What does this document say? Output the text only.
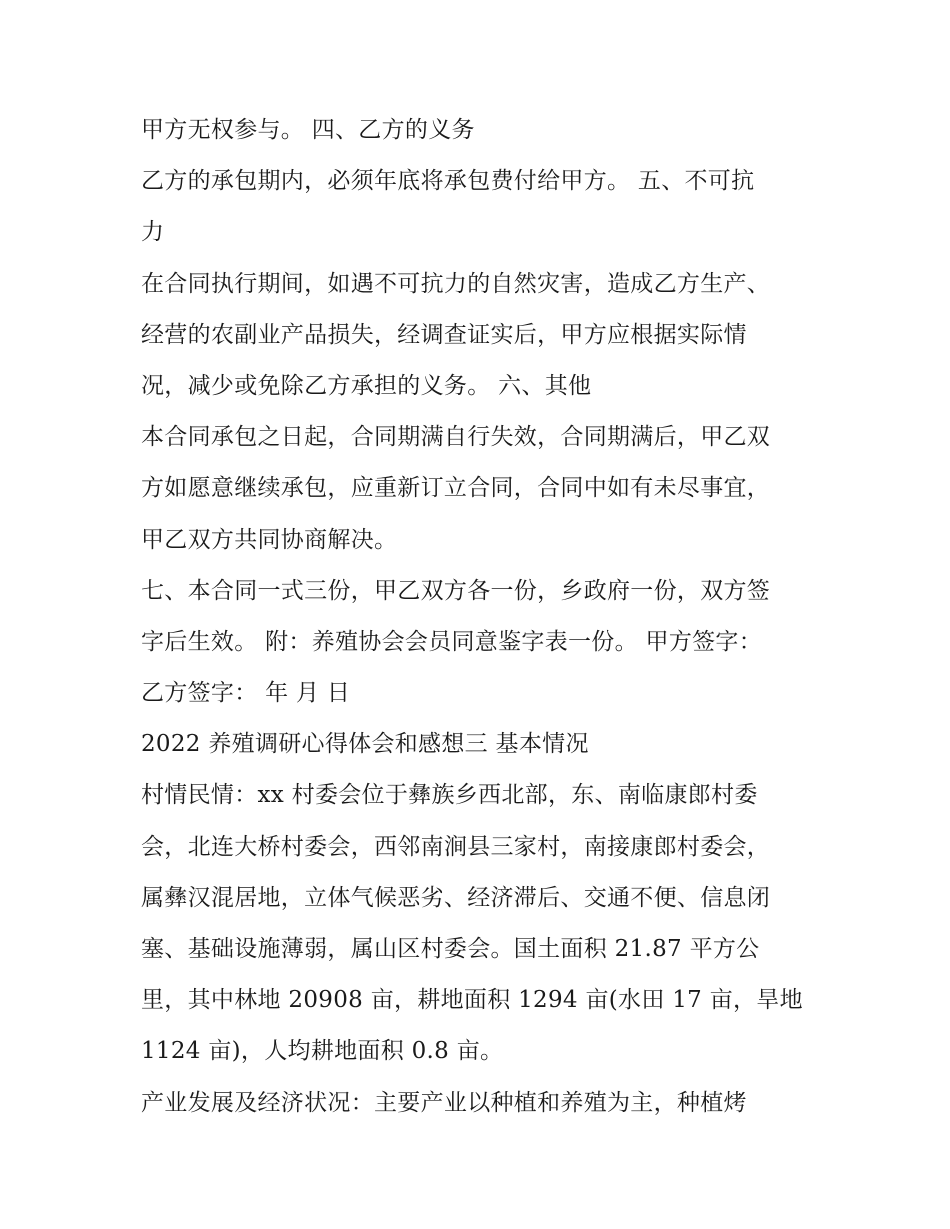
甲方无权参与。 四、乙方的义务
乙方的承包期内，必须年底将承包费付给甲方。 五、不可抗
力
在合同执行期间，如遇不可抗力的自然灾害，造成乙方生产、
经营的农副业产品损失，经调查证实后，甲方应根据实际情
况，减少或免除乙方承担的义务。 六、其他
本合同承包之日起，合同期满自行失效，合同期满后，甲乙双
方如愿意继续承包，应重新订立合同，合同中如有未尽事宜，
甲乙双方共同协商解决。
七、本合同一式三份，甲乙双方各一份，乡政府一份，双方签
字后生效。 附：养殖协会会员同意鉴字表一份。 甲方签字：
乙方签字： 年 月 日
2022 养殖调研心得体会和感想三 基本情况
村情民情：xx 村委会位于彝族乡西北部，东、南临康郎村委
会，北连大桥村委会，西邻南涧县三家村，南接康郎村委会，
属彝汉混居地，立体气候恶劣、经济滞后、交通不便、信息闭
塞、基础设施薄弱，属山区村委会。国土面积 21.87 平方公
里，其中林地 20908 亩，耕地面积 1294 亩(水田 17 亩，旱地
1124 亩)，人均耕地面积 0.8 亩。
产业发展及经济状况：主要产业以种植和养殖为主，种植烤
